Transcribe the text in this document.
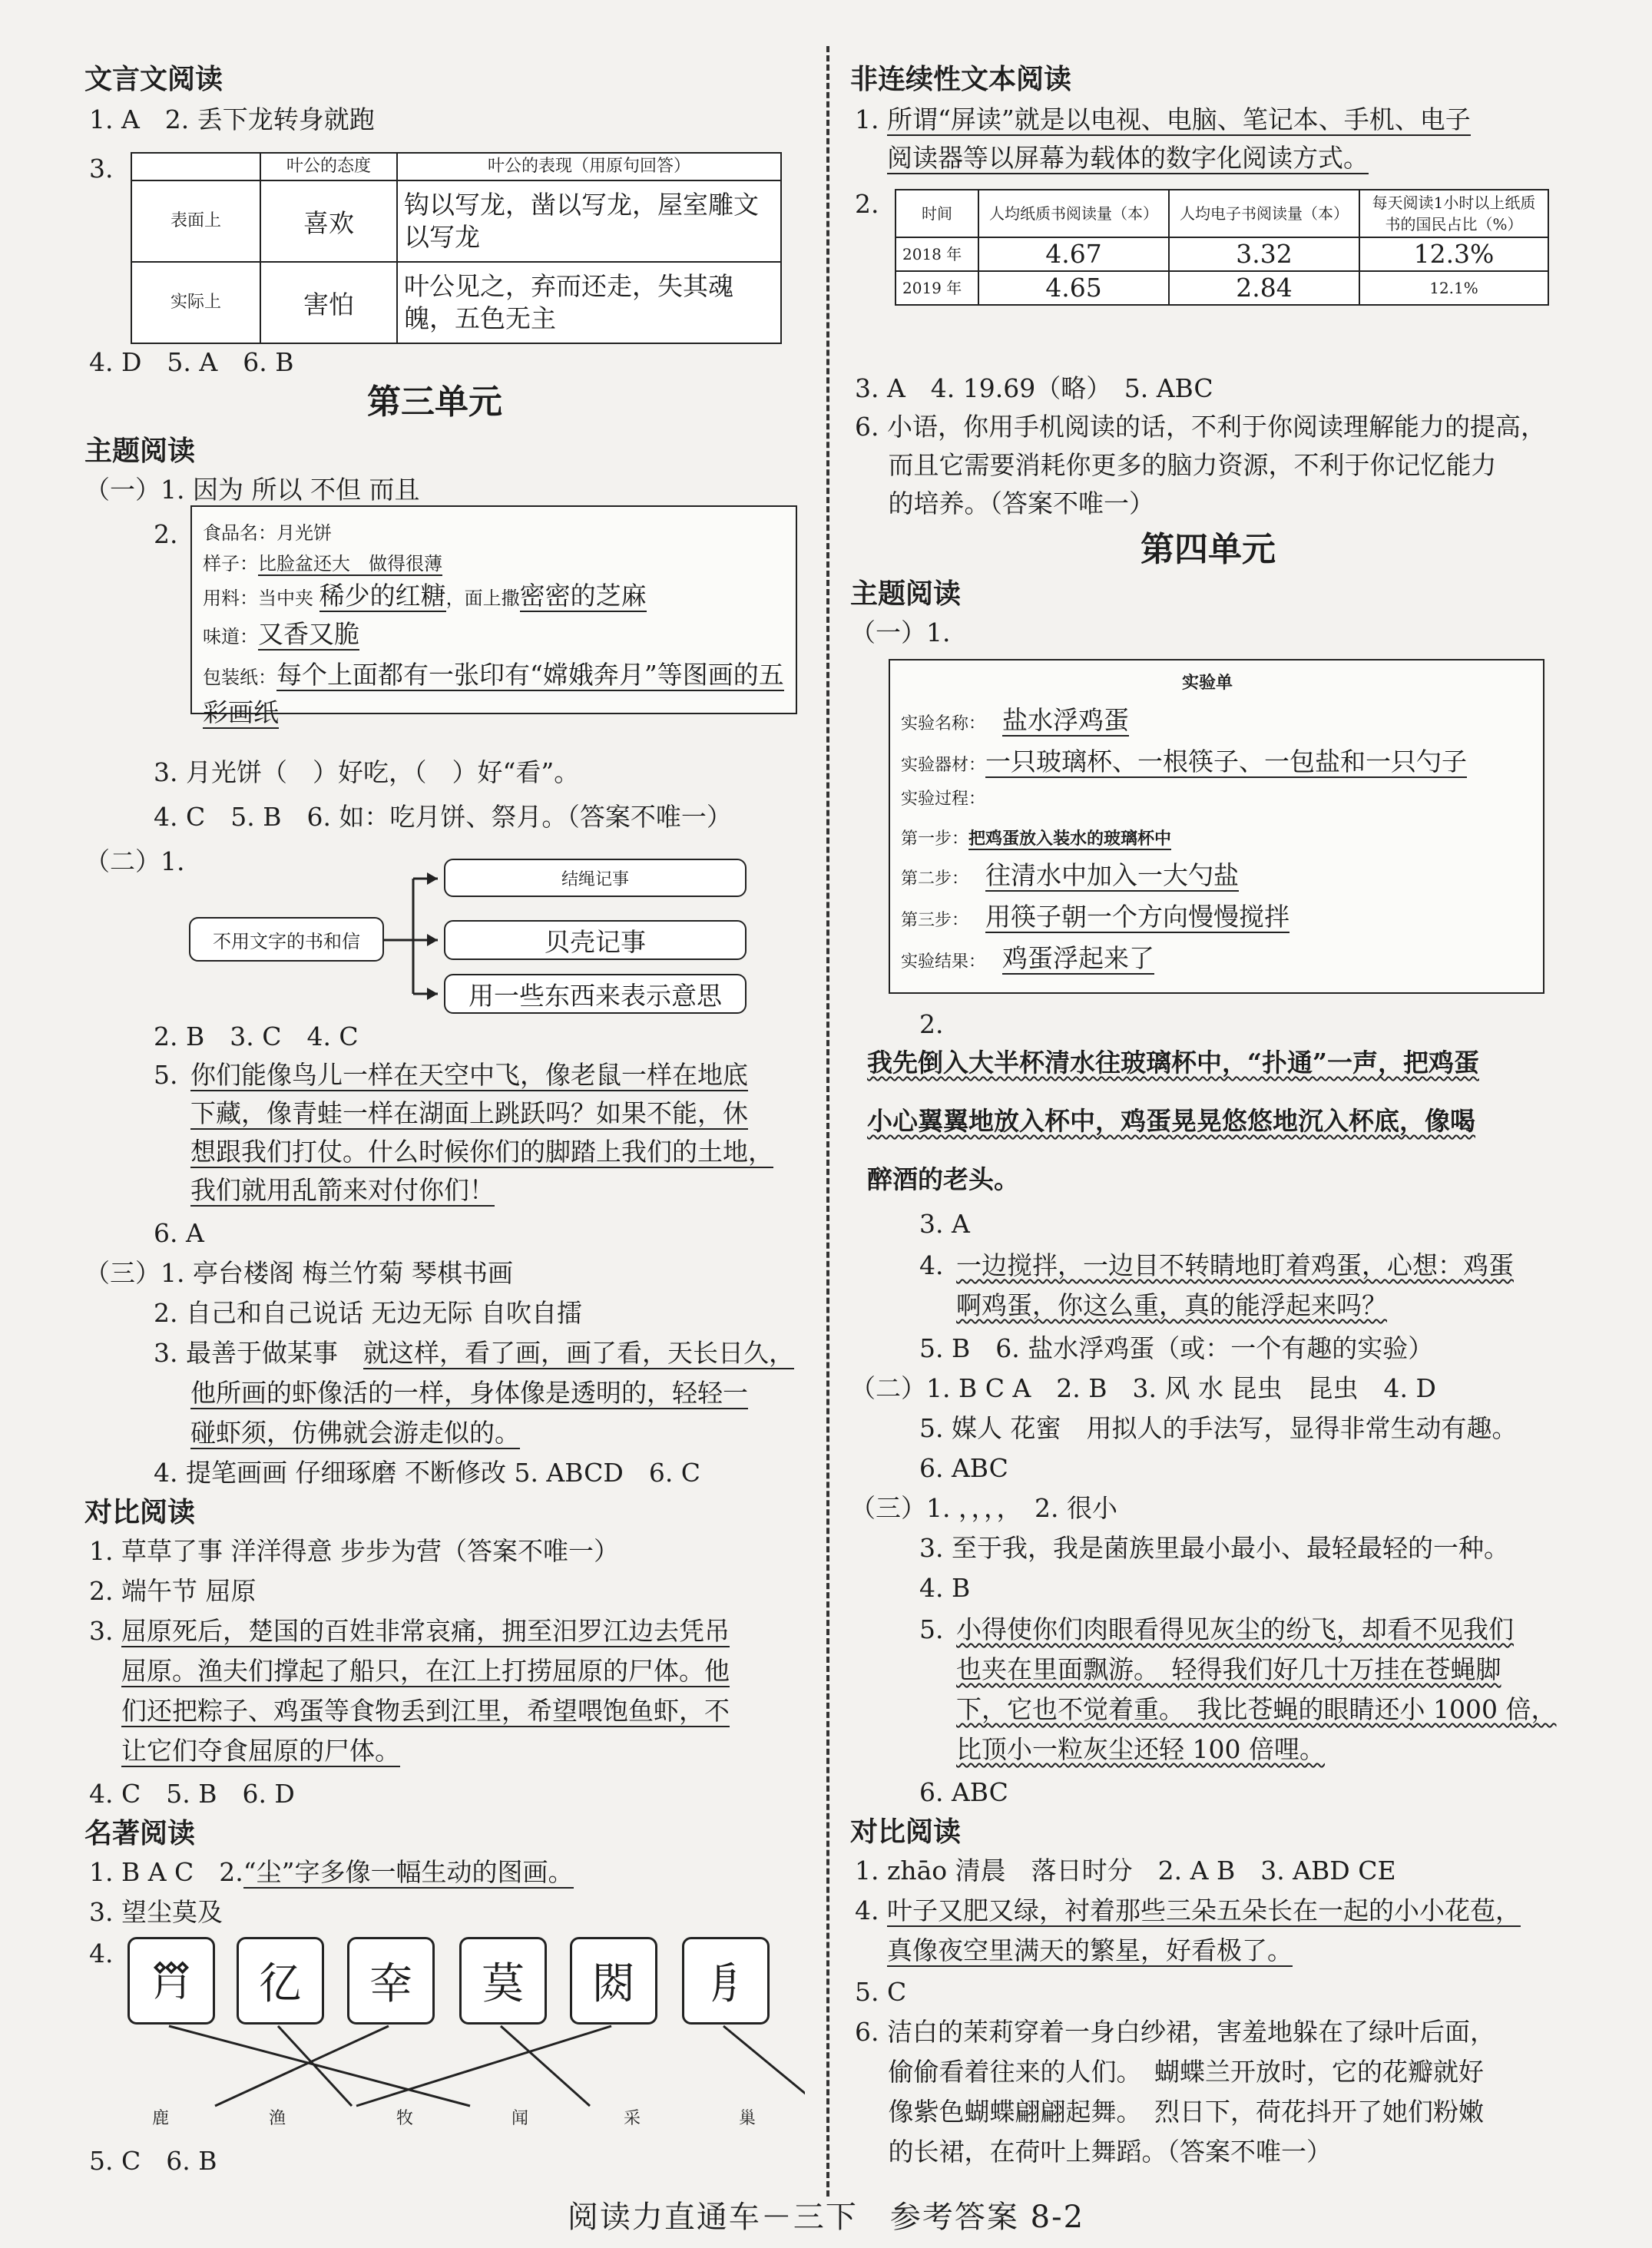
文言文阅读
1. A　2. 丢下龙转身就跑
3.
		叶公的态度	叶公的表现（用原句回答）
表面上	喜欢	钩以写龙，凿以写龙，屋室雕文以写龙
实际上	害怕	叶公见之，弃而还走，失其魂魄，五色无主
4. D　5. A　6. B
第三单元
主题阅读
（一）1. 因为 所以 不但 而且
2. 食品名：月光饼
样子：比脸盆还大　做得很薄
用料：当中夹 稀少的红糖，面上撒密密的芝麻
味道：又香又脆
包装纸：每个上面都有一张印有“嫦娥奔月”等图画的五彩画纸
3. 月光饼（　）好吃，（　）好“看”。
4. C　5. B　6. 如：吃月饼、祭月。（答案不唯一）
（二）1.
不用文字的书和信
结绳记事
贝壳记事
用一些东西来表示意思
2. B　3. C　4. C
5. 你们能像鸟儿一样在天空中飞，像老鼠一样在地底
下藏，像青蛙一样在湖面上跳跃吗？如果不能，休
想跟我们打仗。什么时候你们的脚踏上我们的土地，
我们就用乱箭来对付你们！
6. A
（三）1. 亭台楼阁 梅兰竹菊 琴棋书画
2. 自己和自己说话 无边无际 自吹自擂
3. 最善于做某事　 就这样，看了画，画了看，天长日久，
他所画的虾像活的一样，身体像是透明的，轻轻一
碰虾须，仿佛就会游走似的。
4. 提笔画画 仔细琢磨 不断修改 5. ABCD　6. C
对比阅读
1. 草草了事 洋洋得意 步步为营（答案不唯一）
2. 端午节 屈原
3. 屈原死后，楚国的百姓非常哀痛，拥至汨罗江边去凭吊
屈原。渔夫们撑起了船只，在江上打捞屈原的尸体。他
们还把粽子、鸡蛋等食物丢到江里，希望喂饱鱼虾，不
让它们夺食屈原的尸体。
4. C　5. B　6. D
名著阅读
1. B A C　2.“尘”字多像一幅生动的图画。
3. 望尘莫及
4.
𠄷	𢒼	㚔	茣	閦	㐆
鹿	渔	牧	闻	采	巢
5. C　6. B
非连续性文本阅读
1. 所谓“屏读”就是以电视、电脑、笔记本、手机、电子
阅读器等以屏幕为载体的数字化阅读方式。
2.	时间	人均纸质书阅读量（本）	人均电子书阅读量（本）	每天阅读1小时以上纸质书的国民占比（%）
2018 年	4.67	3.32	12.3%
2019 年	4.65	2.84	12.1%
3. A　4. 19.69（略）　5. ABC
6. 小语，你用手机阅读的话，不利于你阅读理解能力的提高，
　 而且它需要消耗你更多的脑力资源，不利于你记忆能力
　 的培养。（答案不唯一）
第四单元
主题阅读
（一）1.
实验单
实验名称：　 盐水浮鸡蛋
实验器材：一只玻璃杯、一根筷子、一包盐和一只勺子
实验过程：
第一步：把鸡蛋放入装水的玻璃杯中
第二步：　 往清水中加入一大勺盐
第三步：　 用筷子朝一个方向慢慢搅拌
实验结果：　 鸡蛋浮起来了
2.
我先倒入大半杯清水往玻璃杯中，“扑通”一声，把鸡蛋
小心翼翼地放入杯中，鸡蛋晃晃悠悠地沉入杯底，像喝
醉酒的老头。
3. A
4. 一边搅拌，一边目不转睛地盯着鸡蛋，心想：鸡蛋
啊鸡蛋，你这么重，真的能浮起来吗？
5. B　6. 盐水浮鸡蛋（或：一个有趣的实验）
（二）1. B C A　2. B　3. 风 水 昆虫　昆虫　4. D
5. 媒人 花蜜　用拟人的手法写，显得非常生动有趣。
6. ABC
（三）1. ，，，，　2. 很小
3. 至于我，我是菌族里最小最小、最轻最轻的一种。
4. B
5. 小得使你们肉眼看得见灰尘的纷飞，却看不见我们
也夹在里面飘游。　轻得我们好几十万挂在苍蝇脚
下，它也不觉着重。　我比苍蝇的眼睛还小 1000 倍，
比顶小一粒灰尘还轻 100 倍哩。
6. ABC
对比阅读
1. zhāo 清晨　落日时分　2. A B　3. ABD CE
4. 叶子又肥又绿，衬着那些三朵五朵长在一起的小小花苞，
真像夜空里满天的繁星，好看极了。
5. C
6. 洁白的茉莉穿着一身白纱裙，害羞地躲在了绿叶后面，
　 偷偷看着往来的人们。　蝴蝶兰开放时，它的花瓣就好
　 像紫色蝴蝶翩翩起舞。　烈日下，荷花抖开了她们粉嫩
　 的长裙，在荷叶上舞蹈。（答案不唯一）
阅读力直通车－三下　参考答案 8-2
